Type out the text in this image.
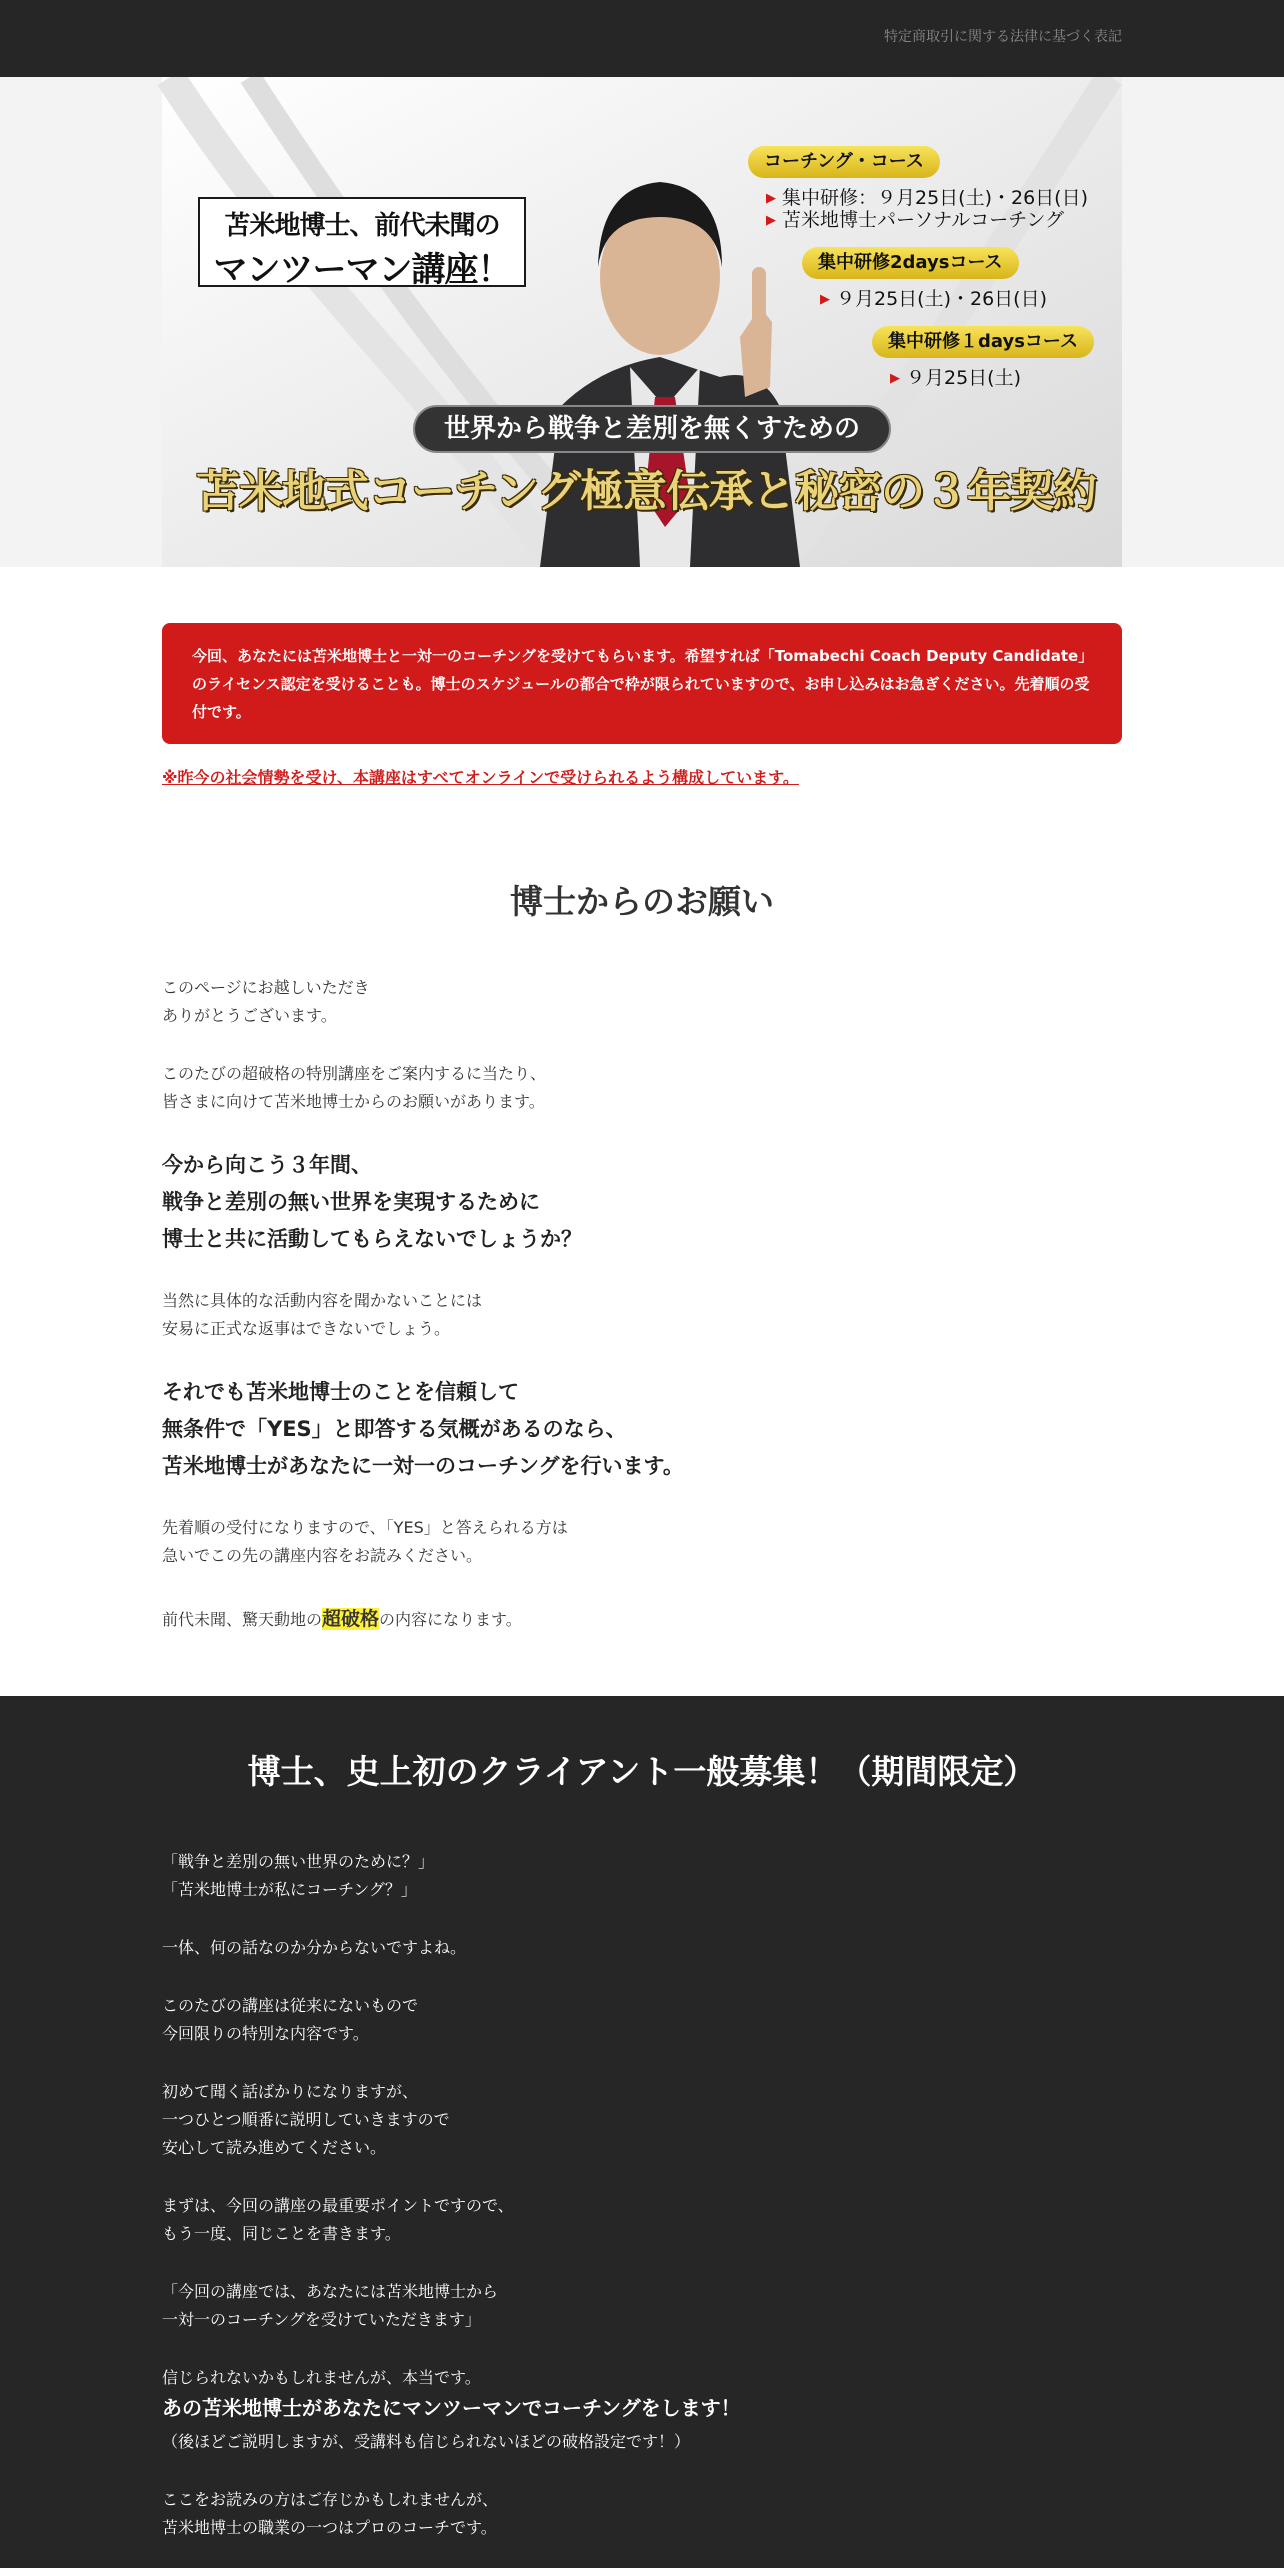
特定商取引に関する法律に基づく表記
苫米地博士、前代未聞の
マンツーマン講座！
コーチング・コース
▶ 集中研修：９月25日(土)・26日(日)
▶ 苫米地博士パーソナルコーチング
集中研修2daysコース
▶ ９月25日(土)・26日(日)
集中研修１daysコース
▶ ９月25日(土)
世界から戦争と差別を無くすための
苫米地式コーチング極意伝承と秘密の３年契約
今回、あなたには苫米地博士と一対一のコーチングを受けてもらいます。希望すれば「Tomabechi Coach Deputy Candidate」のライセンス認定を受けることも。博士のスケジュールの都合で枠が限られていますので、お申し込みはお急ぎください。先着順の受付です。
※昨今の社会情勢を受け、本講座はすべてオンラインで受けられるよう構成しています。
博士からのお願い
このページにお越しいただき
ありがとうございます。
このたびの超破格の特別講座をご案内するに当たり、
皆さまに向けて苫米地博士からのお願いがあります。
今から向こう３年間、
戦争と差別の無い世界を実現するために
博士と共に活動してもらえないでしょうか？
当然に具体的な活動内容を聞かないことには
安易に正式な返事はできないでしょう。
それでも苫米地博士のことを信頼して
無条件で「YES」と即答する気概があるのなら、
苫米地博士があなたに一対一のコーチングを行います。
先着順の受付になりますので、「YES」と答えられる方は
急いでこの先の講座内容をお読みください。
前代未聞、驚天動地の超破格の内容になります。
博士、史上初のクライアント一般募集！（期間限定）
「戦争と差別の無い世界のために？」
「苫米地博士が私にコーチング？」
一体、何の話なのか分からないですよね。
このたびの講座は従来にないもので
今回限りの特別な内容です。
初めて聞く話ばかりになりますが、
一つひとつ順番に説明していきますので
安心して読み進めてください。
まずは、今回の講座の最重要ポイントですので、
もう一度、同じことを書きます。
「今回の講座では、あなたには苫米地博士から
一対一のコーチングを受けていただきます」
信じられないかもしれませんが、本当です。
あの苫米地博士があなたにマンツーマンでコーチングをします！
（後ほどご説明しますが、受講料も信じられないほどの破格設定です！）
ここをお読みの方はご存じかもしれませんが、
苫米地博士の職業の一つはプロのコーチです。
